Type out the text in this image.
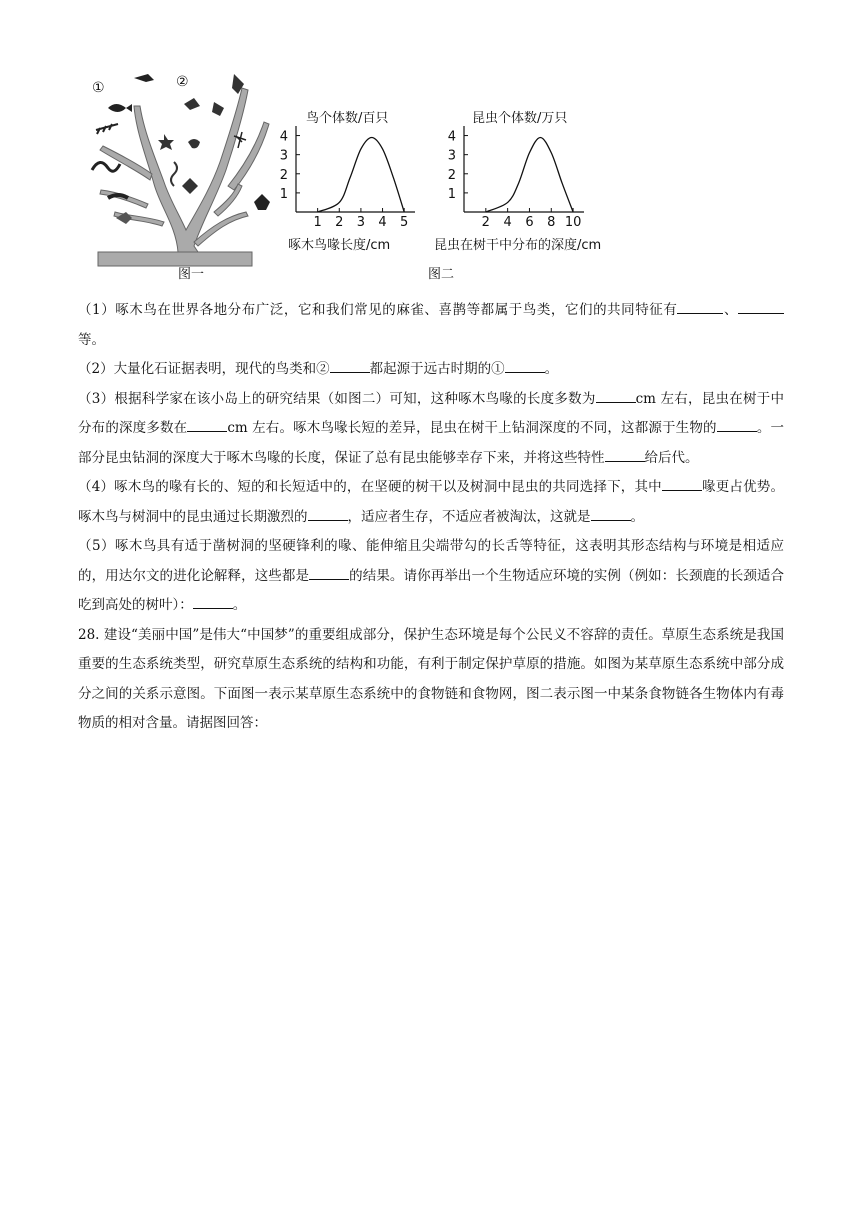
①	②
图一
鸟个体数/百只
1 2 3 4 5
1
2
3
4
啄木鸟喙长度/cm
昆虫个体数/万只
2 4 6 8 10
1
2
3
4
昆虫在树干中分布的深度/cm
图二

（1）啄木鸟在世界各地分布广泛，它和我们常见的麻雀、喜鹊等都属于鸟类，它们的共同特征有	、等。

（2）大量化石证据表明，现代的鸟类和②	都起源于远古时期的①	。

（3）根据科学家在该小岛上的研究结果（如图二）可知，这种啄木鸟喙的长度多数为	cm 左右，昆虫在树于中分布的深度多数在	cm 左右。啄木鸟喙长短的差异，昆虫在树干上钻洞深度的不同，这都源于生物的	。一部分昆虫钻洞的深度大于啄木鸟喙的长度，保证了总有昆虫能够幸存下来，并将这些特性	给后代。

（4）啄木鸟的喙有长的、短的和长短适中的，在坚硬的树干以及树洞中昆虫的共同选择下，其中	喙更占优势。啄木鸟与树洞中的昆虫通过长期激烈的	，适应者生存，不适应者被淘汰，这就是	。

（5）啄木鸟具有适于凿树洞的坚硬锋利的喙、能伸缩且尖端带勾的长舌等特征，这表明其形态结构与环境是相适应的，用达尔文的进化论解释，这些都是	的结果。请你再举出一个生物适应环境的实例（例如：长颈鹿的长颈适合吃到高处的树叶）：	。

28. 建设“美丽中国”是伟大“中国梦”的重要组成部分，保护生态环境是每个公民义不容辞的责任。草原生态系统是我国重要的生态系统类型，研究草原生态系统的结构和功能，有利于制定保护草原的措施。如图为某草原生态系统中部分成分之间的关系示意图。下面图一表示某草原生态系统中的食物链和食物网，图二表示图一中某条食物链各生物体内有毒物质的相对含量。请据图回答：
